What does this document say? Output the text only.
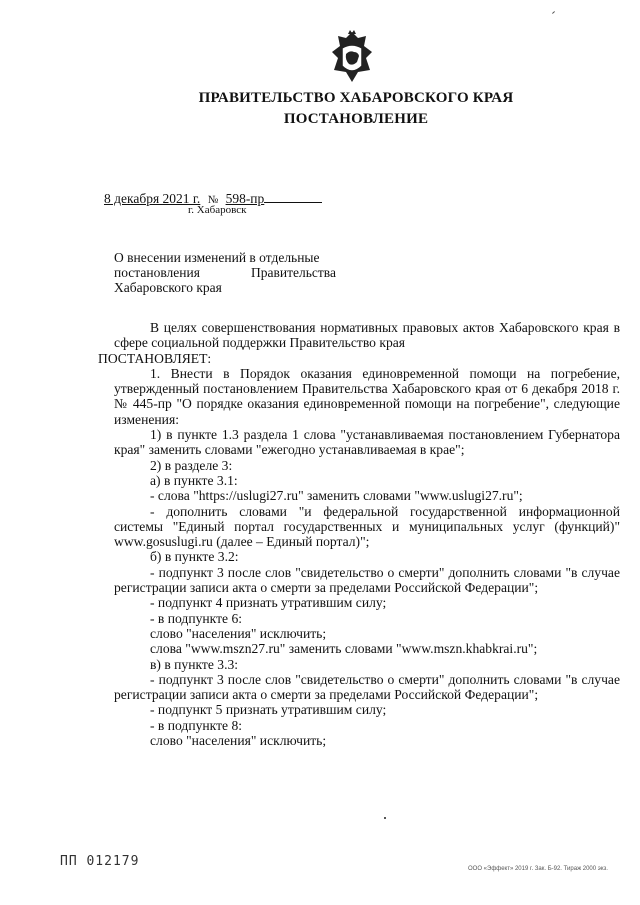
ПРАВИТЕЛЬСТВО ХАБАРОВСКОГО КРАЯ
ПОСТАНОВЛЕНИЕ
8 декабря 2021 г. № 598-пр
г. Хабаровск
О внесении изменений в отдельные
постановления Правительства
Хабаровского края

В целях совершенствования нормативных правовых актов Хабаровского края в сфере социальной поддержки Правительство края

ПОСТАНОВЛЯЕТ:

1. Внести в Порядок оказания единовременной помощи на погребение, утвержденный постановлением Правительства Хабаровского края от 6 декабря 2018 г. № 445-пр "О порядке оказания единовременной помощи на погребение", следующие изменения:

1) в пункте 1.3 раздела 1 слова "устанавливаемая постановлением Губернатора края" заменить словами "ежегодно устанавливаемая в крае";

2) в разделе 3:

а) в пункте 3.1:

- слова "https://uslugi27.ru" заменить словами "www.uslugi27.ru";

- дополнить словами "и федеральной государственной информационной системы "Единый портал государственных и муниципальных услуг (функций)" www.gosuslugi.ru (далее – Единый портал)";

б) в пункте 3.2:

- подпункт 3 после слов "свидетельство о смерти" дополнить словами "в случае регистрации записи акта о смерти за пределами Российской Федерации";

- подпункт 4 признать утратившим силу;

- в подпункте 6:

слово "населения" исключить;

слова "www.mszn27.ru" заменить словами "www.mszn.khabkrai.ru";

в) в пункте 3.3:

- подпункт 3 после слов "свидетельство о смерти" дополнить словами "в случае регистрации записи акта о смерти за пределами Российской Федерации";

- подпункт 5 признать утратившим силу;

- в подпункте 8:

слово "населения" исключить;

ПП 012179	ООО «Эффект» 2019 г. Зак. Б-92. Тираж 2000 экз.
